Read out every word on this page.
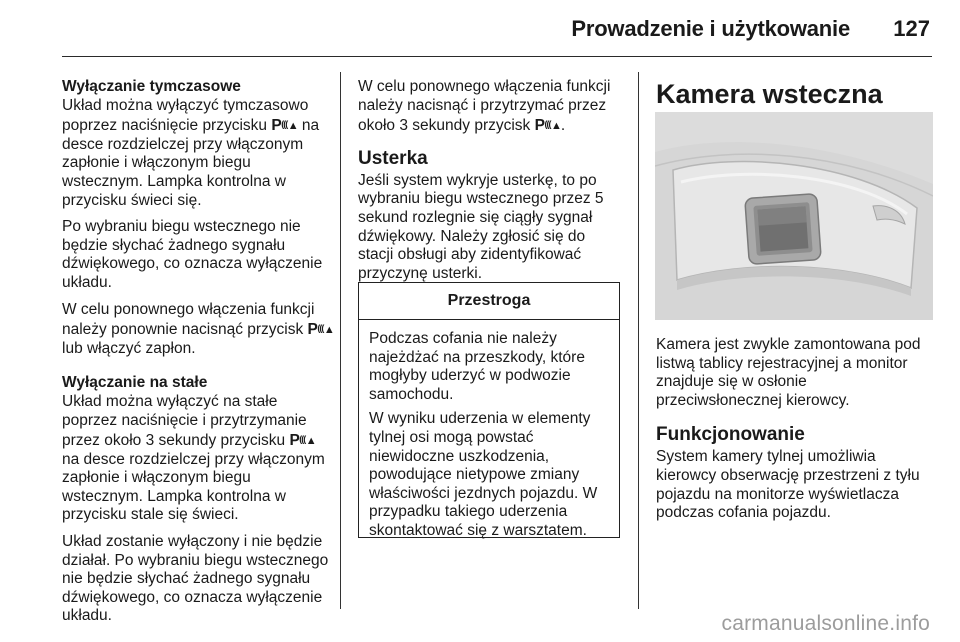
Prowadzenie i użytkowanie	127
Wyłączanie tymczasowe

Układ można wyłączyć tymczasowo poprzez naciśnięcie przycisku P(((▲ na desce rozdzielczej przy włączonym zapłonie i włączonym biegu wstecznym. Lampka kontrolna w przycisku świeci się.

Po wybraniu biegu wstecznego nie będzie słychać żadnego sygnału dźwiękowego, co oznacza wyłączenie układu.

W celu ponownego włączenia funkcji należy ponownie nacisnąć przycisk P(((▲ lub włączyć zapłon.

Wyłączanie na stałe

Układ można wyłączyć na stałe poprzez naciśnięcie i przytrzymanie przez około 3 sekundy przycisku P(((▲ na desce rozdzielczej przy włączonym zapłonie i włączonym biegu wstecznym. Lampka kontrolna w przycisku stale się świeci.

Układ zostanie wyłączony i nie będzie działał. Po wybraniu biegu wstecznego nie będzie słychać żadnego sygnału dźwiękowego, co oznacza wyłączenie układu.

W celu ponownego włączenia funkcji należy nacisnąć i przytrzymać przez około 3 sekundy przycisk P(((▲.

Usterka

Jeśli system wykryje usterkę, to po wybraniu biegu wstecznego przez 5 sekund rozlegnie się ciągły sygnał dźwiękowy. Należy zgłosić się do stacji obsługi aby zidentyfikować przyczynę usterki.

Przestroga

Podczas cofania nie należy najeżdżać na przeszkody, które mogłyby uderzyć w podwozie samochodu.

W wyniku uderzenia w elementy tylnej osi mogą powstać niewidoczne uszkodzenia, powodujące nietypowe zmiany właściwości jezdnych pojazdu. W przypadku takiego uderzenia skontaktować się z warsztatem.

Kamera wsteczna

Kamera jest zwykle zamontowana pod listwą tablicy rejestracyjnej a monitor znajduje się w osłonie przeciwsłonecznej kierowcy.

Funkcjonowanie

System kamery tylnej umożliwia kierowcy obserwację przestrzeni z tyłu pojazdu na monitorze wyświetlacza podczas cofania pojazdu.

carmanualsonline.info
